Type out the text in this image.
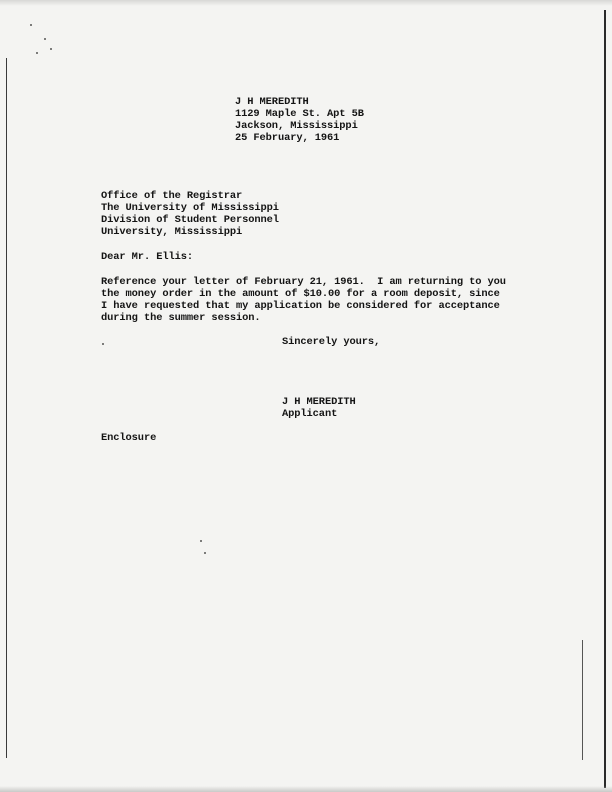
J H MEREDITH
1129 Maple St. Apt 5B
Jackson, Mississippi
25 February, 1961
Office of the Registrar
The University of Mississippi
Division of Student Personnel
University, Mississippi
Dear Mr. Ellis:
Reference your letter of February 21, 1961.  I am returning to you
the money order in the amount of $10.00 for a room deposit, since
I have requested that my application be considered for acceptance
during the summer session.
Sincerely yours,
J H MEREDITH
Applicant
Enclosure
